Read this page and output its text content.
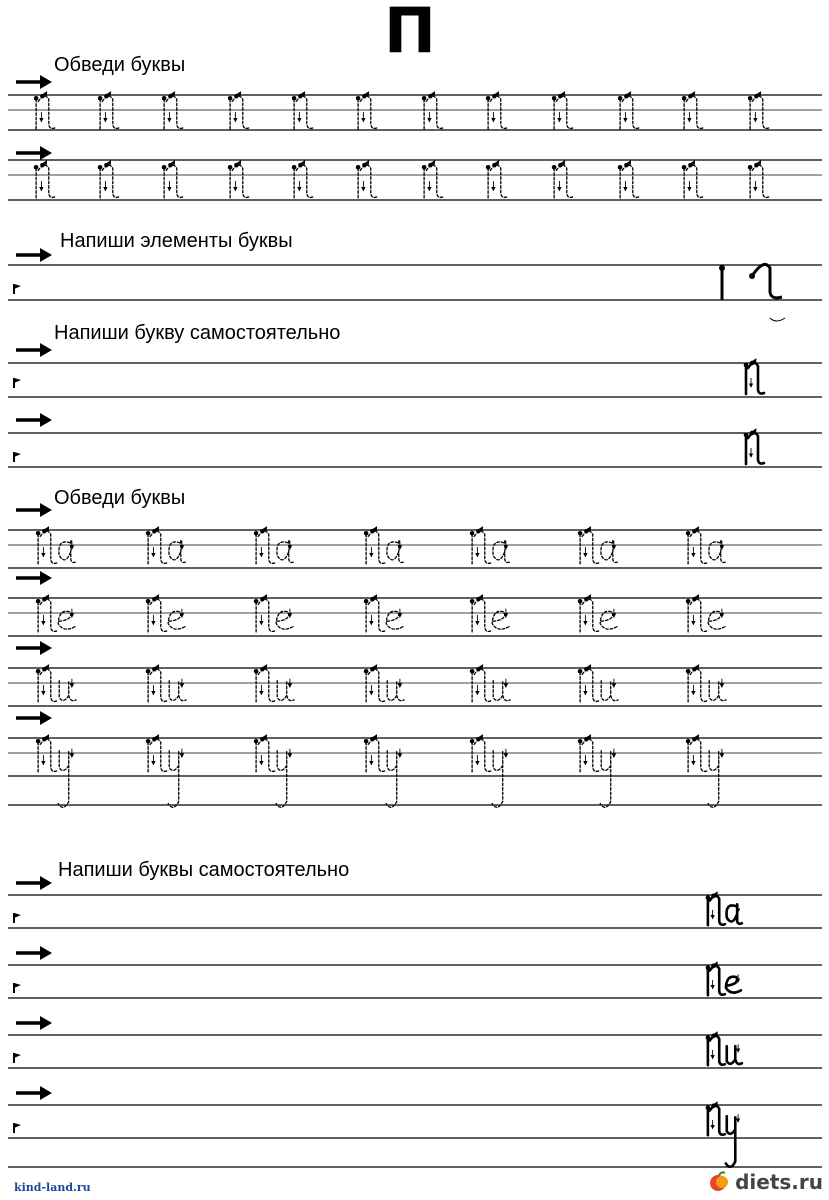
П
Обведи буквы
Напиши элементы буквы
Напиши букву самостоятельно
Обведи буквы
Напиши буквы самостоятельно
kind-land.ru	diets.ru
